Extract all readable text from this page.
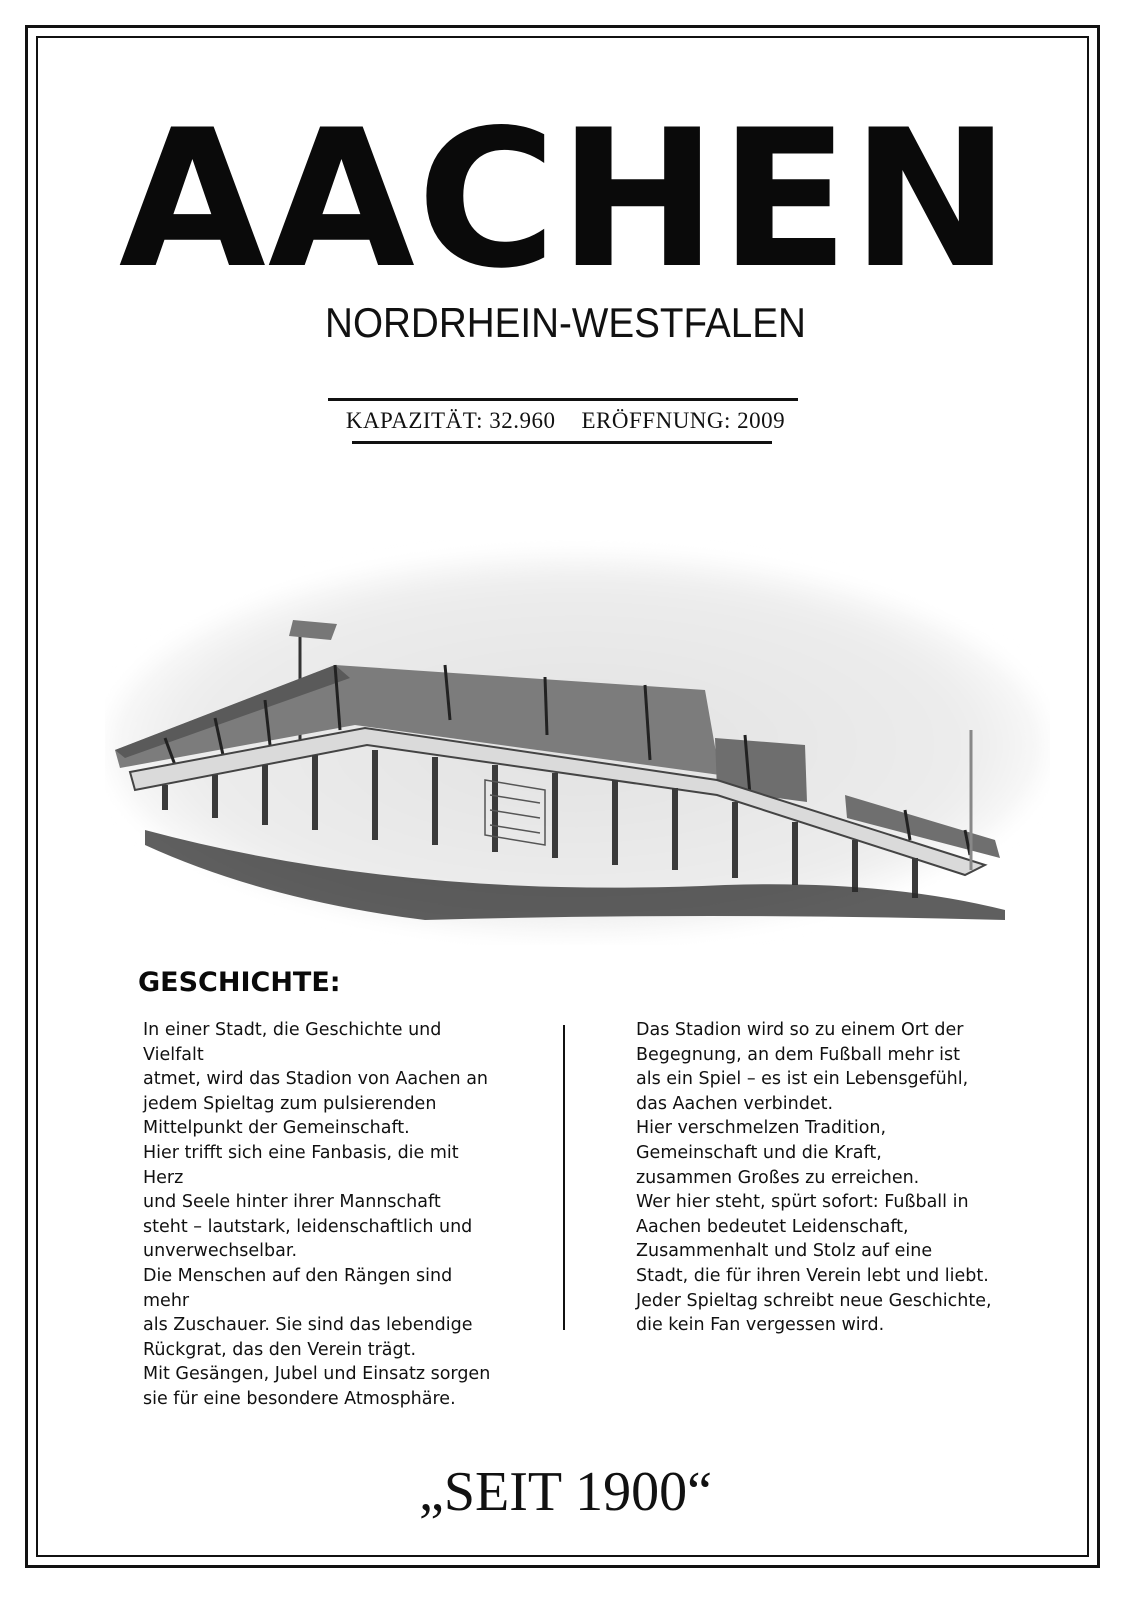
AACHEN
NORDRHEIN-WESTFALEN
KAPAZITÄT: 32.960 ERÖFFNUNG: 2009
GESCHICHTE:

In einer Stadt, die Geschichte und Vielfalt

atmet, wird das Stadion von Aachen an

jedem Spieltag zum pulsierenden

Mittelpunkt der Gemeinschaft.

Hier trifft sich eine Fanbasis, die mit Herz

und Seele hinter ihrer Mannschaft

steht – lautstark, leidenschaftlich und

unverwechselbar.

Die Menschen auf den Rängen sind mehr

als Zuschauer. Sie sind das lebendige

Rückgrat, das den Verein trägt.

Mit Gesängen, Jubel und Einsatz sorgen

sie für eine besondere Atmosphäre.

Das Stadion wird so zu einem Ort der

Begegnung, an dem Fußball mehr ist

als ein Spiel – es ist ein Lebensgefühl,

das Aachen verbindet.

Hier verschmelzen Tradition,

Gemeinschaft und die Kraft,

zusammen Großes zu erreichen.

Wer hier steht, spürt sofort: Fußball in

Aachen bedeutet Leidenschaft,

Zusammenhalt und Stolz auf eine

Stadt, die für ihren Verein lebt und liebt.

Jeder Spieltag schreibt neue Geschichte,

die kein Fan vergessen wird.

„SEIT 1900“
